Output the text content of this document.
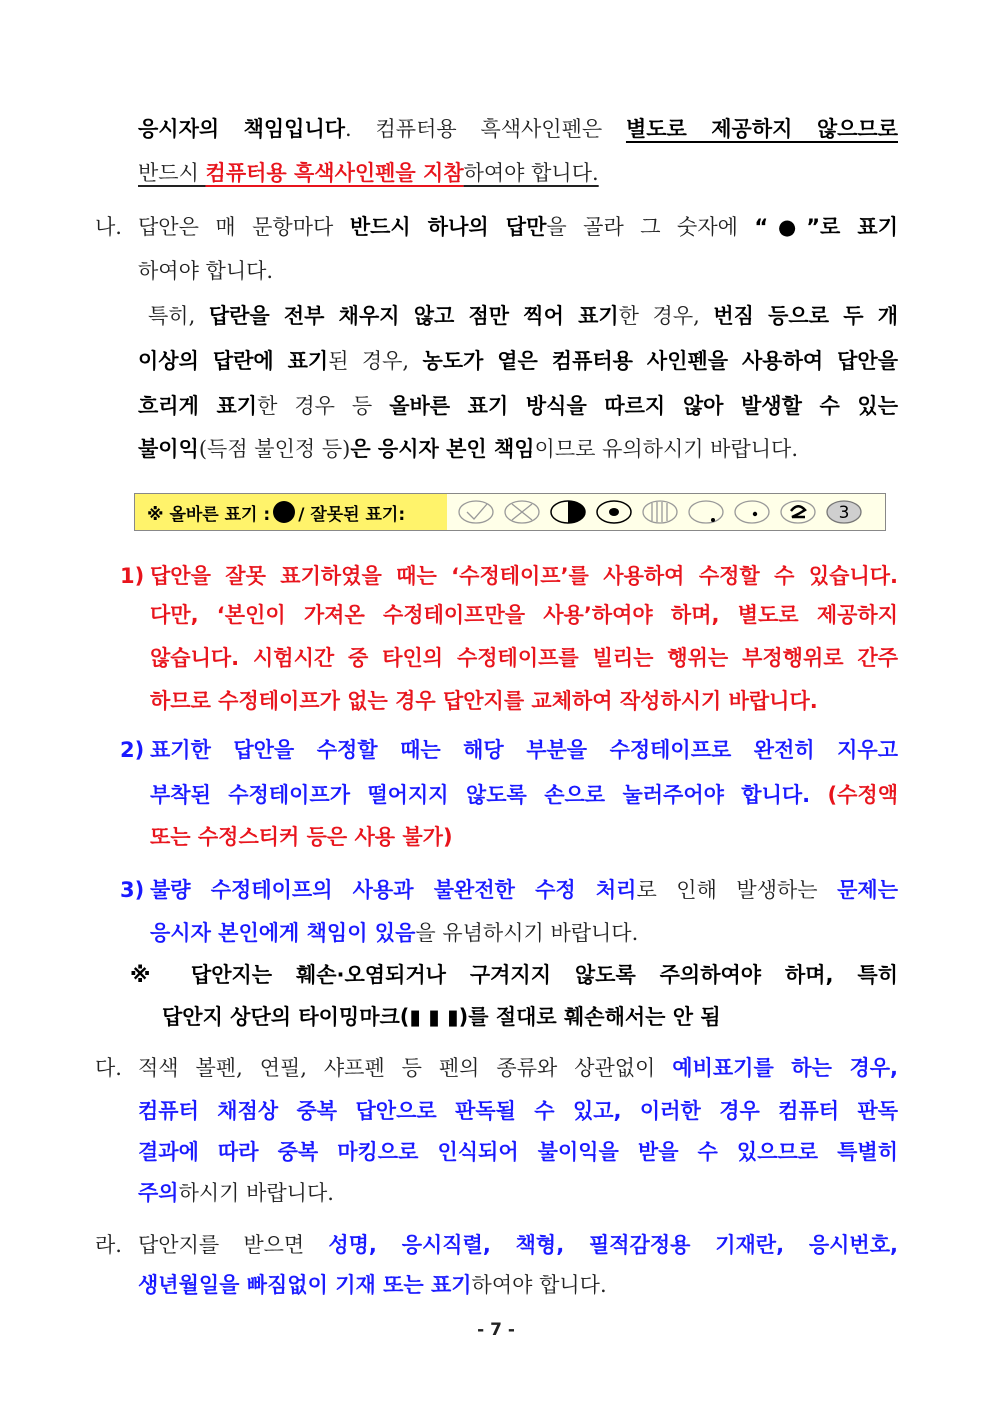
응시자의 책임입니다. 컴퓨터용 흑색사인펜은 별도로 제공하지 않으므로
반드시 컴퓨터용 흑색사인펜을 지참하여야 합니다.
나. 답안은 매 문항마다 반드시 하나의 답만을 골라 그 숫자에 “●”로 표기
하여야 합니다.
특히, 답란을 전부 채우지 않고 점만 찍어 표기한 경우, 번짐 등으로 두 개
이상의 답란에 표기된 경우, 농도가 옅은 컴퓨터용 사인펜을 사용하여 답안을
흐리게 표기한 경우 등 올바른 표기 방식을 따르지 않아 발생할 수 있는
불이익(득점 불인정 등)은 응시자 본인 책임이므로 유의하시기 바랍니다.
※ 올바른 표기 : / 잘못된 표기:	3
1) 답안을 잘못 표기하였을 때는 ‘수정테이프’를 사용하여 수정할 수 있습니다.
다만, ‘본인이 가져온 수정테이프만을 사용’하여야 하며, 별도로 제공하지
않습니다. 시험시간 중 타인의 수정테이프를 빌리는 행위는 부정행위로 간주
하므로 수정테이프가 없는 경우 답안지를 교체하여 작성하시기 바랍니다.
2) 표기한 답안을 수정할 때는 해당 부분을 수정테이프로 완전히 지우고
부착된 수정테이프가 떨어지지 않도록 손으로 눌러주어야 합니다. (수정액
또는 수정스티커 등은 사용 불가)
3) 불량 수정테이프의 사용과 불완전한 수정 처리로 인해 발생하는 문제는
응시자 본인에게 책임이 있음을 유념하시기 바랍니다.
※ 답안지는 훼손·오염되거나 구겨지지 않도록 주의하여야 하며, 특히
답안지 상단의 타이밍마크(▮ ▮ ▮)를 절대로 훼손해서는 안 됨
다. 적색 볼펜, 연필, 샤프펜 등 펜의 종류와 상관없이 예비표기를 하는 경우,
컴퓨터 채점상 중복 답안으로 판독될 수 있고, 이러한 경우 컴퓨터 판독
결과에 따라 중복 마킹으로 인식되어 불이익을 받을 수 있으므로 특별히
주의하시기 바랍니다.
라. 답안지를 받으면 성명, 응시직렬, 책형, 필적감정용 기재란, 응시번호,
생년월일을 빠짐없이 기재 또는 표기하여야 합니다.
- 7 -
